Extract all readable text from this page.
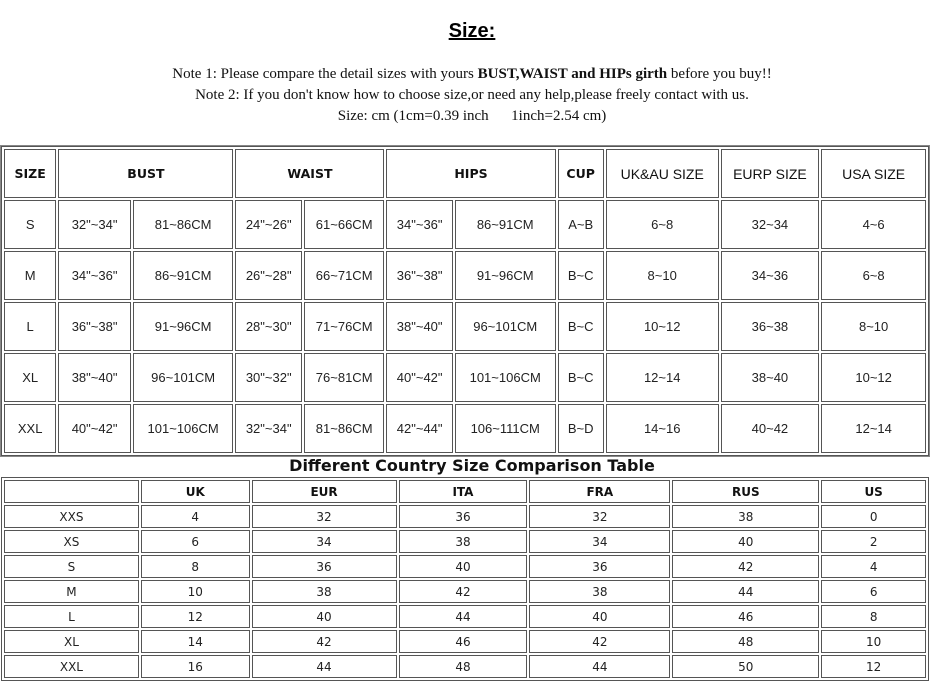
Size:
Note 1: Please compare the detail sizes with yours BUST,WAIST and HIPs girth before you buy!!
Note 2: If you don't know how to choose size,or need any help,please freely contact with us.
Size: cm (1cm=0.39 inch      1inch=2.54 cm)
SIZE	BUST		WAIST		HIPS		CUP	UK&AU SIZE	EURP SIZE	USA SIZE
S	32"~34"	81~86CM	24"~26"	61~66CM	34"~36"	86~91CM	A~B	6~8	32~34	4~6
M	34"~36"	86~91CM	26"~28"	66~71CM	36"~38"	91~96CM	B~C	8~10	34~36	6~8
L	36"~38"	91~96CM	28"~30"	71~76CM	38"~40"	96~101CM	B~C	10~12	36~38	8~10
XL	38"~40"	96~101CM	30"~32"	76~81CM	40"~42"	101~106CM	B~C	12~14	38~40	10~12
XXL	40"~42"	101~106CM	32"~34"	81~86CM	42"~44"	106~111CM	B~D	14~16	40~42	12~14
Different Country Size Comparison Table
	UK	EUR	ITA	FRA	RUS	US
XXS	4	32	36	32	38	0
XS	6	34	38	34	40	2
S	8	36	40	36	42	4
M	10	38	42	38	44	6
L	12	40	44	40	46	8
XL	14	42	46	42	48	10
XXL	16	44	48	44	50	12
